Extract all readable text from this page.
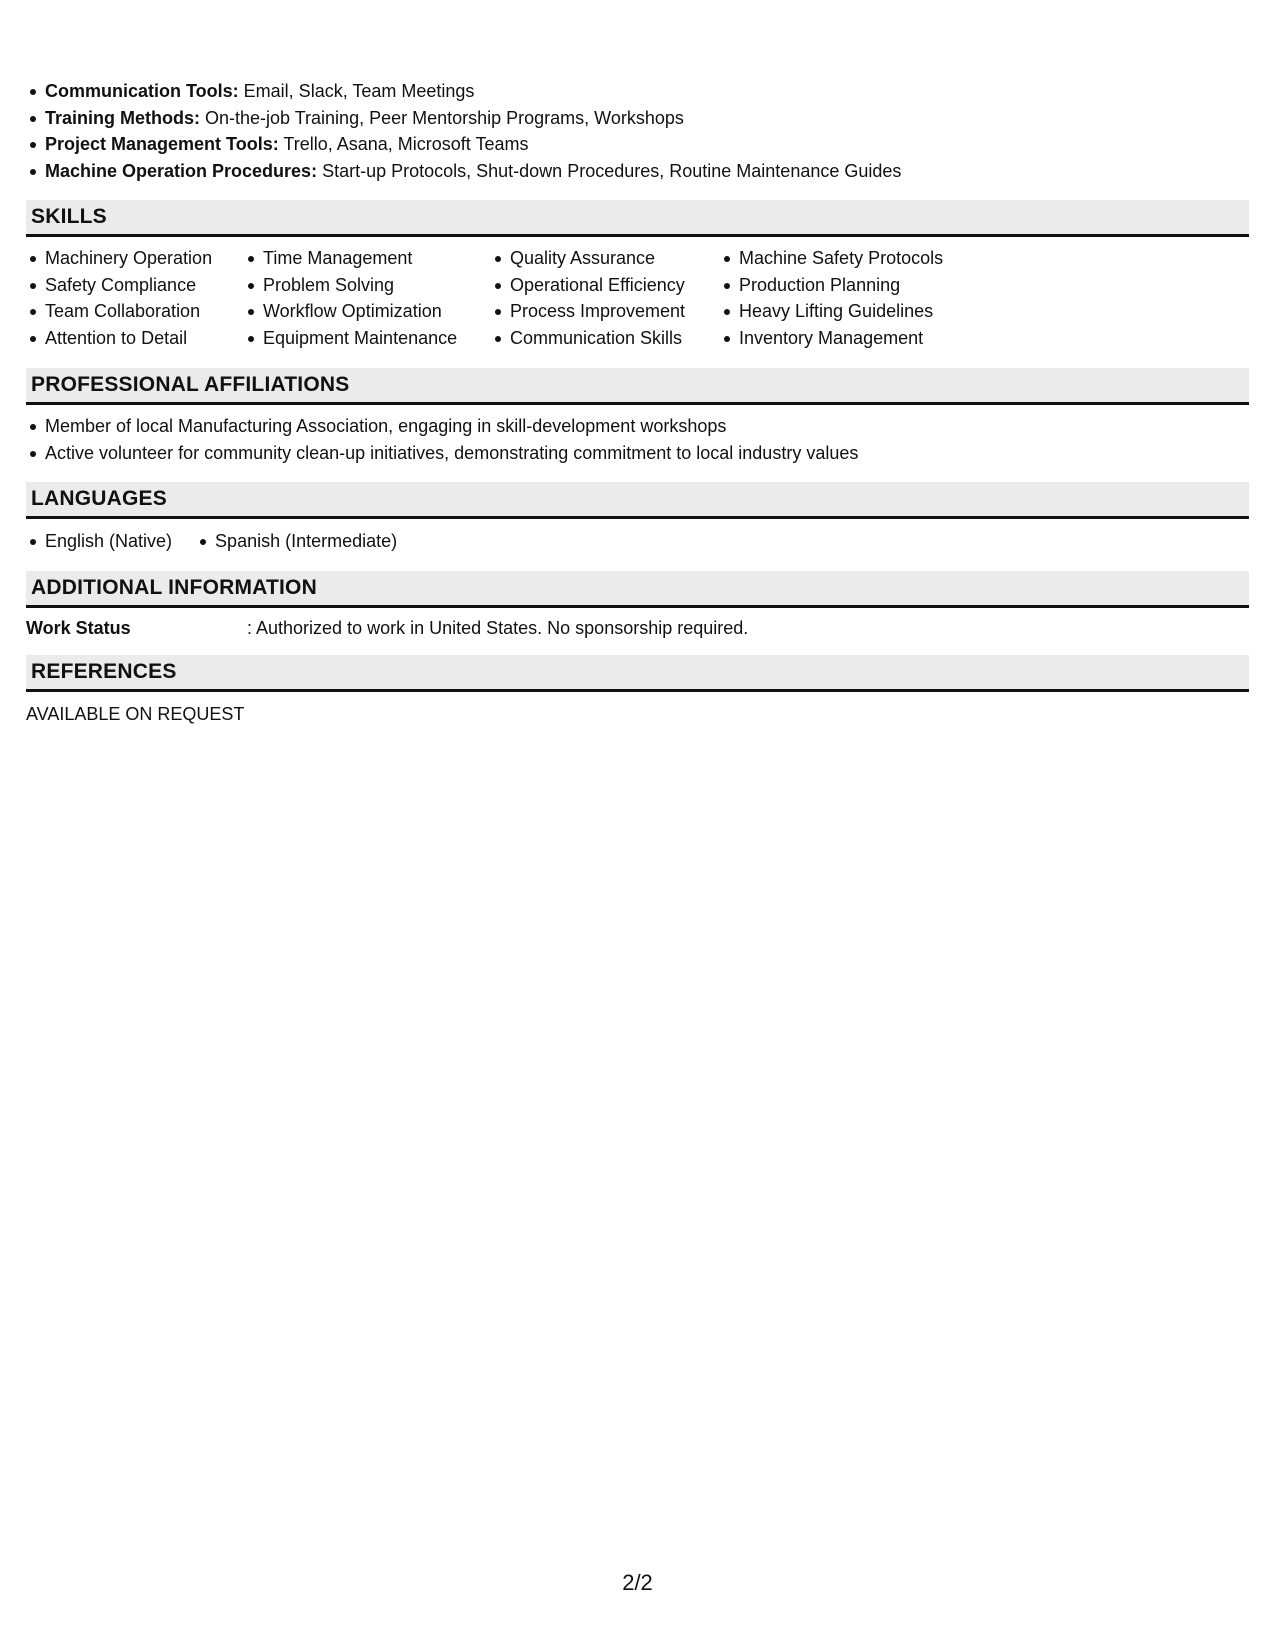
Communication Tools: Email, Slack, Team Meetings
Training Methods: On-the-job Training, Peer Mentorship Programs, Workshops
Project Management Tools: Trello, Asana, Microsoft Teams
Machine Operation Procedures: Start-up Protocols, Shut-down Procedures, Routine Maintenance Guides
SKILLS
Machinery Operation
Safety Compliance
Team Collaboration
Attention to Detail
Time Management
Problem Solving
Workflow Optimization
Equipment Maintenance
Quality Assurance
Operational Efficiency
Process Improvement
Communication Skills
Machine Safety Protocols
Production Planning
Heavy Lifting Guidelines
Inventory Management
PROFESSIONAL AFFILIATIONS
Member of local Manufacturing Association, engaging in skill-development workshops
Active volunteer for community clean-up initiatives, demonstrating commitment to local industry values
LANGUAGES
English (Native)	Spanish (Intermediate)
ADDITIONAL INFORMATION
Work Status	: Authorized to work in United States. No sponsorship required.
REFERENCES
AVAILABLE ON REQUEST
2/2
